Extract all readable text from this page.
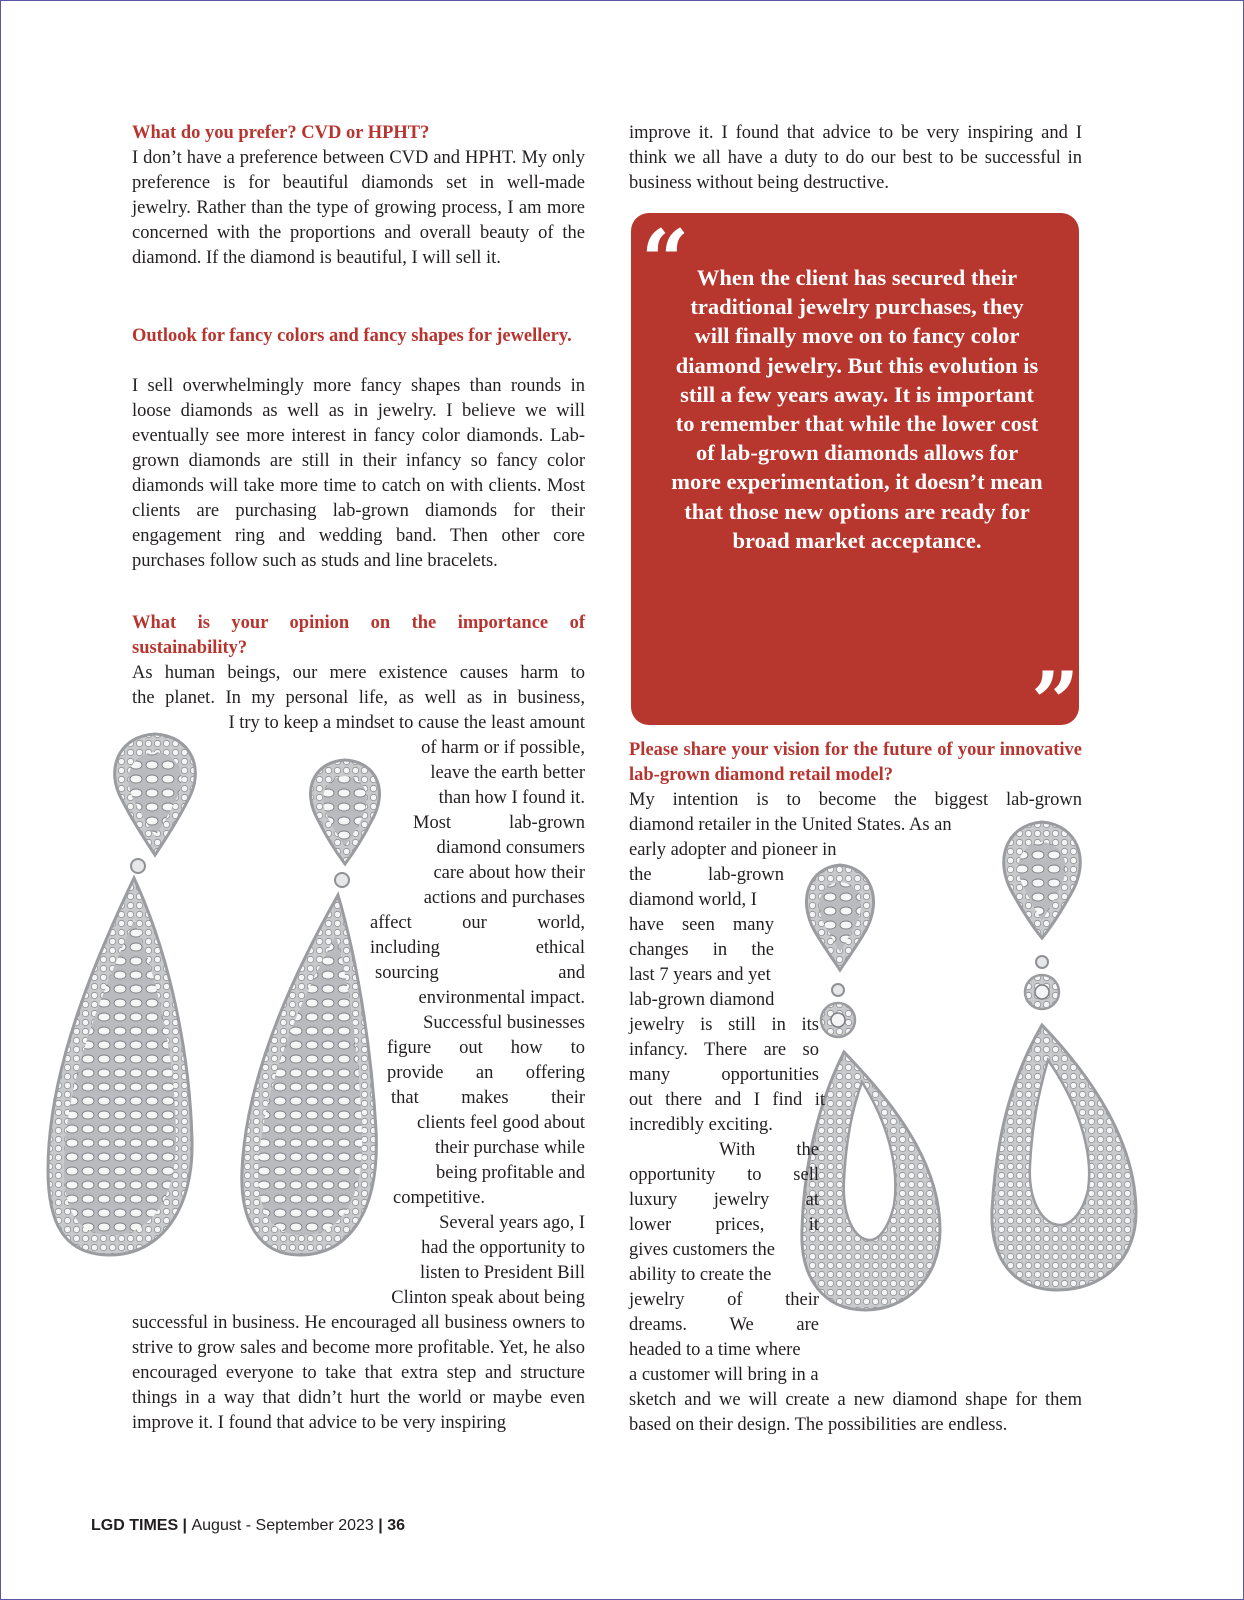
What do you prefer? CVD or HPHT?
I don’t have a preference between CVD and HPHT. My only preference is for beautiful diamonds set in well-made jewelry. Rather than the type of growing process, I am more concerned with the proportions and overall beauty of the diamond. If the diamond is beautiful, I will sell it.
Outlook for fancy colors and fancy shapes for jewellery.
I sell overwhelmingly more fancy shapes than rounds in loose diamonds as well as in jewelry. I believe we will eventually see more interest in fancy color diamonds. Lab-grown diamonds are still in their infancy so fancy color diamonds will take more time to catch on with clients. Most clients are purchasing lab-grown diamonds for their engagement ring and wedding band. Then other core purchases follow such as studs and line bracelets.
What is your opinion on the importance of sustainability?
As human beings, our mere existence causes harm to
the planet. In my personal life, as well as in business,
I try to keep a mindset to cause the least amount
of harm or if possible,
leave the earth better
than how I found it.
Most lab-grown
diamond consumers
care about how their
actions and purchases
affect our world,
including ethical
sourcing and
environmental impact.
Successful businesses
figure out how to
provide an offering
that makes their
clients feel good about
their purchase while
being profitable and
competitive.
Several years ago, I
had the opportunity to
listen to President Bill
Clinton speak about being
successful in business. He encouraged all business owners to strive to grow sales and become more profitable. Yet, he also encouraged everyone to take that extra step and structure things in a way that didn’t hurt the world or maybe even improve it. I found that advice to be very inspiring
improve it. I found that advice to be very inspiring and I think we all have a duty to do our best to be successful in business without being destructive.
“ When the client has secured their traditional jewelry purchases, they will finally move on to fancy color diamond jewelry. But this evolution is still a few years away. It is important to remember that while the lower cost of lab-grown diamonds allows for more experimentation, it doesn’t mean that those new options are ready for broad market acceptance.
”
Please share your vision for the future of your innovative lab-grown diamond retail model?
My intention is to become the biggest lab-grown
diamond retailer in the United States. As an
early adopter and pioneer in
the lab-grown
diamond world, I
have seen many
changes in the
last 7 years and yet
lab-grown diamond
jewelry is still in its
infancy. There are so
many opportunities
out there and I find it
incredibly exciting.
With the
opportunity to sell
luxury jewelry at
lower prices, it
gives customers the
ability to create the
jewelry of their
dreams. We are
headed to a time where
a customer will bring in a
sketch and we will create a new diamond shape for them based on their design. The possibilities are endless.
LGD TIMES | August - September 2023 | 36
